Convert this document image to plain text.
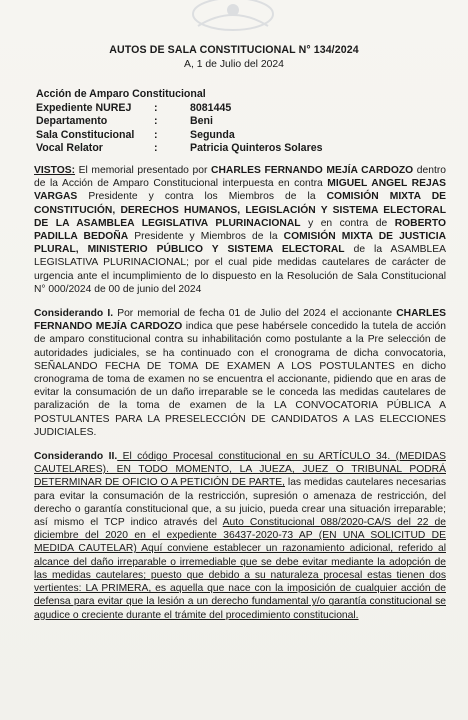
AUTOS DE SALA CONSTITUCIONAL N° 134/2024
A, 1 de Julio del 2024
Acción de Amparo Constitucional
Expediente NUREJ	:	8081445
Departamento	:	Beni
Sala Constitucional	:	Segunda
Vocal Relator	:	Patricia Quinteros Solares

VISTOS: El memorial presentado por CHARLES FERNANDO MEJÍA CARDOZO dentro de la Acción de Amparo Constitucional interpuesta en contra MIGUEL ANGEL REJAS VARGAS Presidente y contra los Miembros de la COMISIÓN MIXTA DE CONSTITUCIÓN, DERECHOS HUMANOS, LEGISLACIÓN Y SISTEMA ELECTORAL DE LA ASAMBLEA LEGISLATIVA PLURINACIONAL y en contra de ROBERTO PADILLA BEDOÑA Presidente y Miembros de la COMISIÓN MIXTA DE JUSTICIA PLURAL, MINISTERIO PÚBLICO Y SISTEMA ELECTORAL de la ASAMBLEA LEGISLATIVA PLURINACIONAL; por el cual pide medidas cautelares de carácter de urgencia ante el incumplimiento de lo dispuesto en la Resolución de Sala Constitucional N° 000/2024 de 00 de junio del 2024

Considerando I. Por memorial de fecha 01 de Julio del 2024 el accionante CHARLES FERNANDO MEJÍA CARDOZO indica que pese habérsele concedido la tutela de acción de amparo constitucional contra su inhabilitación como postulante a la Pre selección de autoridades judiciales, se ha continuado con el cronograma de dicha convocatoria, SEÑALANDO FECHA DE TOMA DE EXAMEN A LOS POSTULANTES en dicho cronograma de toma de examen no se encuentra el accionante, pidiendo que en aras de evitar la consumación de un daño irreparable se le conceda las medidas cautelares de paralización de la toma de examen de la LA CONVOCATORIA PÚBLICA A POSTULANTES PARA LA PRESELECCIÓN DE CANDIDATOS A LAS ELECCIONES JUDICIALES.

Considerando II. El código Procesal constitucional en su ARTÍCULO 34. (MEDIDAS CAUTELARES). EN TODO MOMENTO, LA JUEZA, JUEZ O TRIBUNAL PODRÁ DETERMINAR DE OFICIO O A PETICIÓN DE PARTE, las medidas cautelares necesarias para evitar la consumación de la restricción, supresión o amenaza de restricción, del derecho o garantía constitucional que, a su juicio, pueda crear una situación irreparable; así mismo el TCP indico através del Auto Constitucional 088/2020-CA/S del 22 de diciembre del 2020 en el expediente 36437-2020-73 AP (EN UNA SOLICITUD DE MEDIDA CAUTELAR) Aquí conviene establecer un razonamiento adicional, referido al alcance del daño irreparable o irremediable que se debe evitar mediante la adopción de las medidas cautelares; puesto que debido a su naturaleza procesal estas tienen dos vertientes: LA PRIMERA, es aquella que nace con la imposición de cualquier acción de defensa para evitar que la lesión a un derecho fundamental y/o garantía constitucional se agudice o creciente durante el trámite del procedimiento constitucional.
